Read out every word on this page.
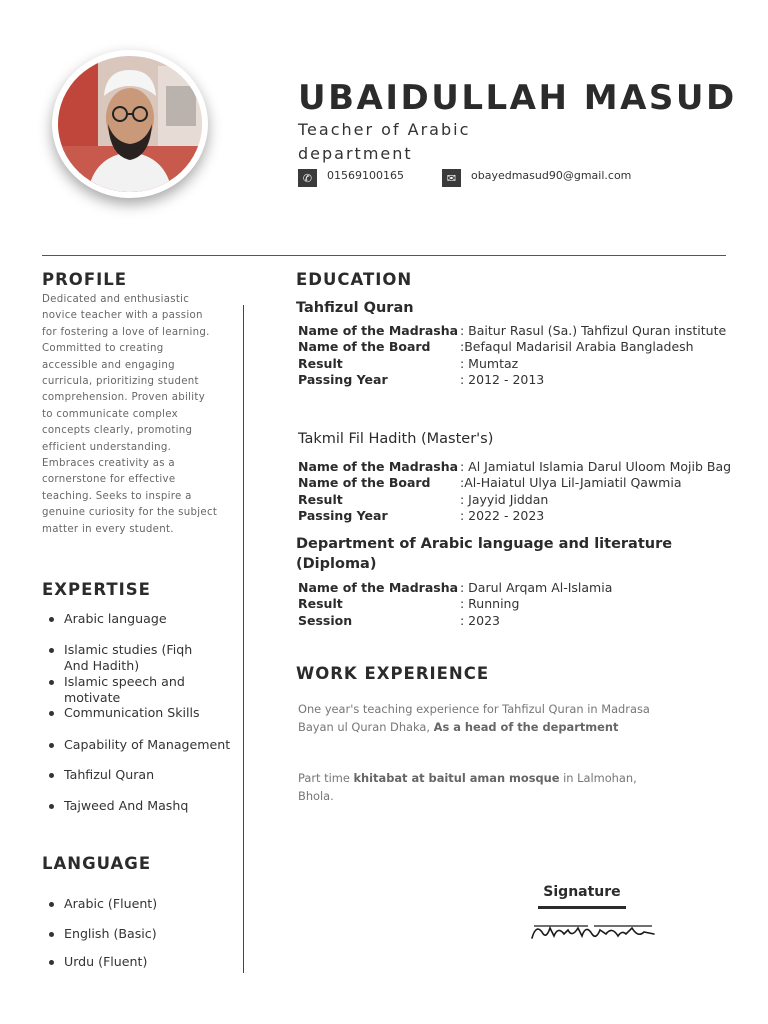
UBAIDULLAH MASUD
Teacher of Arabic department
✆	01569100165	✉	obayedmasud90@gmail.com
PROFILE
Dedicated and enthusiastic novice teacher with a passion for fostering a love of learning. Committed to creating accessible and engaging curricula, prioritizing student comprehension. Proven ability to communicate complex concepts clearly, promoting efficient understanding. Embraces creativity as a cornerstone for effective teaching. Seeks to inspire a genuine curiosity for the subject matter in every student.
EXPERTISE
Arabic language
Islamic studies (Fiqh And Hadith)
Islamic speech and motivate
Communication Skills
Capability of Management
Tahfizul Quran
Tajweed And Mashq
LANGUAGE
Arabic (Fluent)
English (Basic)
Urdu (Fluent)
EDUCATION
Tahfizul Quran
Name of the Madrasha : Baitur Rasul (Sa.) Tahfizul Quran institute
Name of the Board	:Befaqul Madarisil Arabia Bangladesh
Result	: Mumtaz
Passing Year	: 2012 - 2013
Takmil Fil Hadith (Master's)
Name of the Madrasha : Al Jamiatul Islamia Darul Uloom Mojib Bag
Name of the Board	:Al-Haiatul Ulya Lil-Jamiatil Qawmia
Result	: Jayyid Jiddan
Passing Year	: 2022 - 2023
Department of Arabic language and literature (Diploma)
Name of the Madrasha : Darul Arqam Al-Islamia
Result	: Running
Session	: 2023
WORK EXPERIENCE
One year's teaching experience for Tahfizul Quran in Madrasa Bayan ul Quran Dhaka, As a head of the department
Part time khitabat at baitul aman mosque in Lalmohan, Bhola.
Signature
